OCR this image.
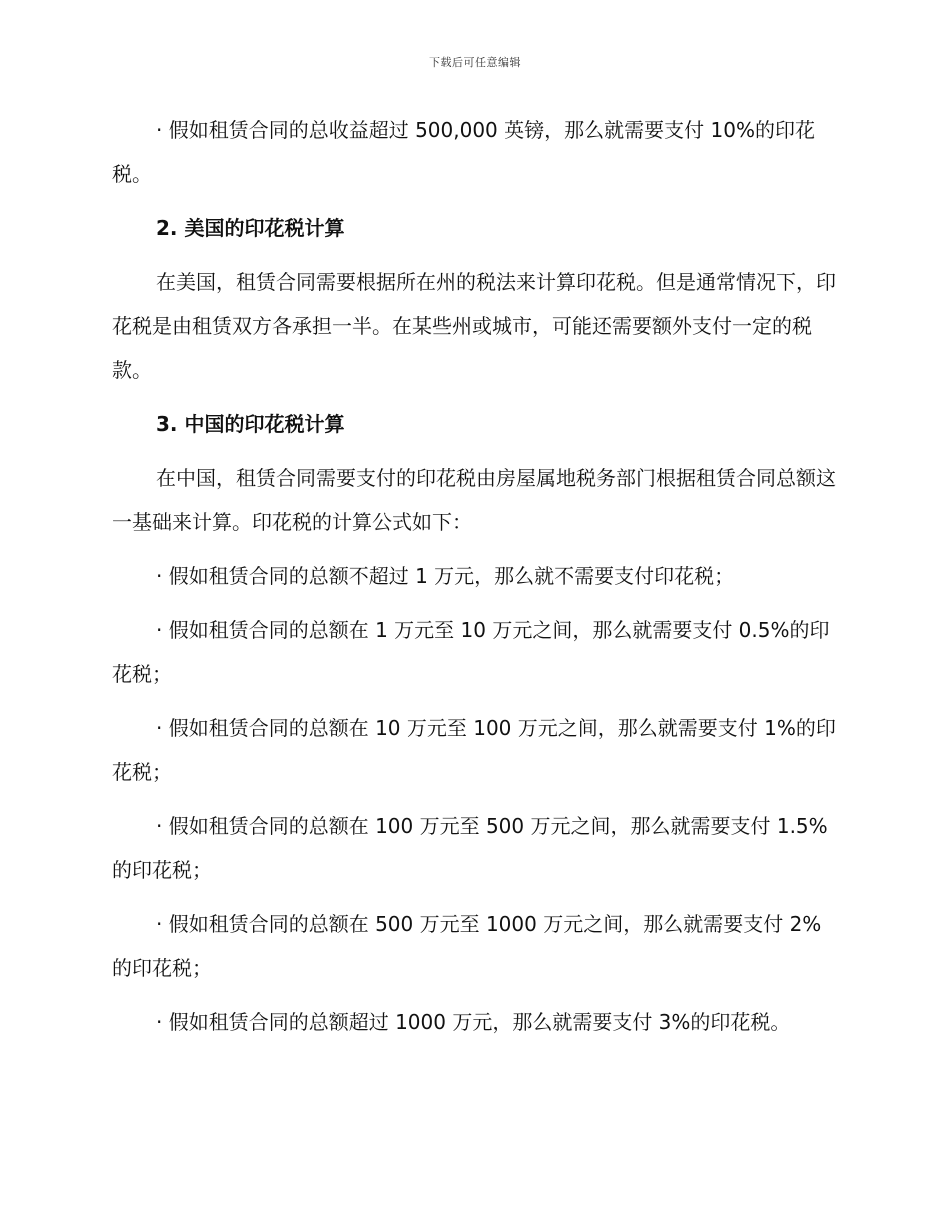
下载后可任意编辑

· 假如租赁合同的总收益超过 500,000 英镑，那么就需要支付 10%的印花税。

2. 美国的印花税计算

在美国，租赁合同需要根据所在州的税法来计算印花税。但是通常情况下，印花税是由租赁双方各承担一半。在某些州或城市，可能还需要额外支付一定的税款。

3. 中国的印花税计算

在中国，租赁合同需要支付的印花税由房屋属地税务部门根据租赁合同总额这一基础来计算。印花税的计算公式如下：

· 假如租赁合同的总额不超过 1 万元，那么就不需要支付印花税；

· 假如租赁合同的总额在 1 万元至 10 万元之间，那么就需要支付 0.5%的印花税；

· 假如租赁合同的总额在 10 万元至 100 万元之间，那么就需要支付 1%的印花税；

· 假如租赁合同的总额在 100 万元至 500 万元之间，那么就需要支付 1.5%的印花税；

· 假如租赁合同的总额在 500 万元至 1000 万元之间，那么就需要支付 2%的印花税；

· 假如租赁合同的总额超过 1000 万元，那么就需要支付 3%的印花税。
